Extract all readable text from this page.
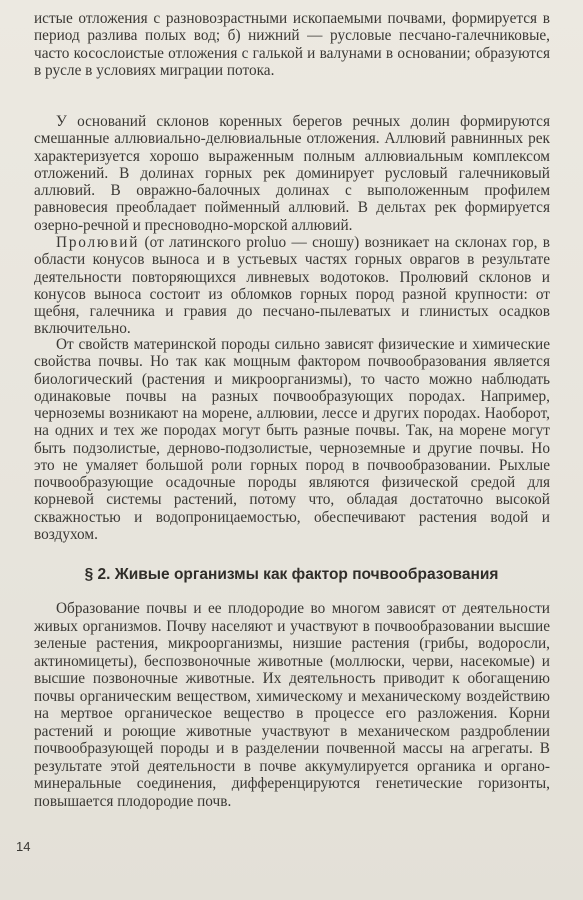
истые отложения с разновозрастными ископаемыми почвами, формируется в период разлива полых вод; б) нижний — русловые песчано-галечниковые, часто косослоистые отложения с галькой и валунами в основании; образуются в русле в условиях миграции потока.

У оснований склонов коренных берегов речных долин формируются смешанные аллювиально-делювиальные отложения. Аллювий равнинных рек характеризуется хорошо выраженным полным аллювиальным комплексом отложений. В долинах горных рек доминирует русловый галечниковый аллювий. В овражно-балочных долинах с выположенным профилем равновесия преобладает пойменный аллювий. В дельтах рек формируется озерно-речной и пресноводно-морской аллювий.

Пролювий (от латинского proluo — сношу) возникает на склонах гор, в области конусов выноса и в устьевых частях горных оврагов в результате деятельности повторяющихся ливневых водотоков. Пролювий склонов и конусов выноса состоит из обломков горных пород разной крупности: от щебня, галечника и гравия до песчано-пылеватых и глинистых осадков включительно.

От свойств материнской породы сильно зависят физические и химические свойства почвы. Но так как мощным фактором почвообразования является биологический (растения и микроорганизмы), то часто можно наблюдать одинаковые почвы на разных почвообразующих породах. Например, черноземы возникают на морене, аллювии, лессе и других породах. Наоборот, на одних и тех же породах могут быть разные почвы. Так, на морене могут быть подзолистые, дерново-подзолистые, черноземные и другие почвы. Но это не умаляет большой роли горных пород в почвообразовании. Рыхлые почвообразующие осадочные породы являются физической средой для корневой системы растений, потому что, обладая достаточно высокой скважностью и водопроницаемостью, обеспечивают растения водой и воздухом.

§ 2. Живые организмы как фактор почвообразования

Образование почвы и ее плодородие во многом зависят от деятельности живых организмов. Почву населяют и участвуют в почвообразовании высшие зеленые растения, микроорганизмы, низшие растения (грибы, водоросли, актиномицеты), беспозвоночные животные (моллюски, черви, насекомые) и высшие позвоночные животные. Их деятельность приводит к обогащению почвы органическим веществом, химическому и механическому воздействию на мертвое органическое вещество в процессе его разложения. Корни растений и роющие животные участвуют в механическом раздроблении почвообразующей породы и в разделении почвенной массы на агрегаты. В результате этой деятельности в почве аккумулируется органика и органо-минеральные соединения, дифференцируются генетические горизонты, повышается плодородие почв.

14
